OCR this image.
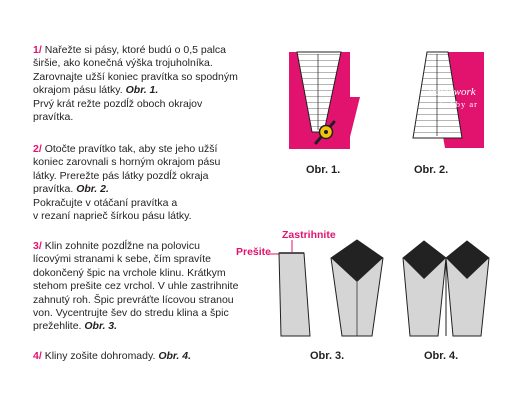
1/ Nařežte si pásy, ktoré budú o 0,5 palca

širšie, ako konečná výška trojuholníka.

Zarovnajte užší koniec pravítka so spodným

okrajom pásu látky. Obr. 1.

Prvý krát režte pozdĺž oboch okrajov

pravítka.

2/ Otočte pravítko tak, aby ste jeho užší

koniec zarovnali s horným okrajom pásu

látky. Prerežte pás látky pozdĺž okraja

pravítka. Obr. 2.

Pokračujte v otáčaní pravítka a

v rezaní naprieč šírkou pásu látky.

3/ Klin zohnite pozdĺžne na polovicu

lícovými stranami k sebe, čím spravíte

dokončený špic na vrchole klinu. Krátkym

stehom prešite cez vrchol. V uhle zastrihnite

zahnutý roh. Špic prevráťte lícovou stranou

von. Vycentrujte šev do stredu klina a špic

prežehlite. Obr. 3.

4/ Kliny zošite dohromady. Obr. 4.

Patchwork
hobby ar
Zastrihnite
Prešite
Obr. 1.	Obr. 2.
Obr. 3.	Obr. 4.
